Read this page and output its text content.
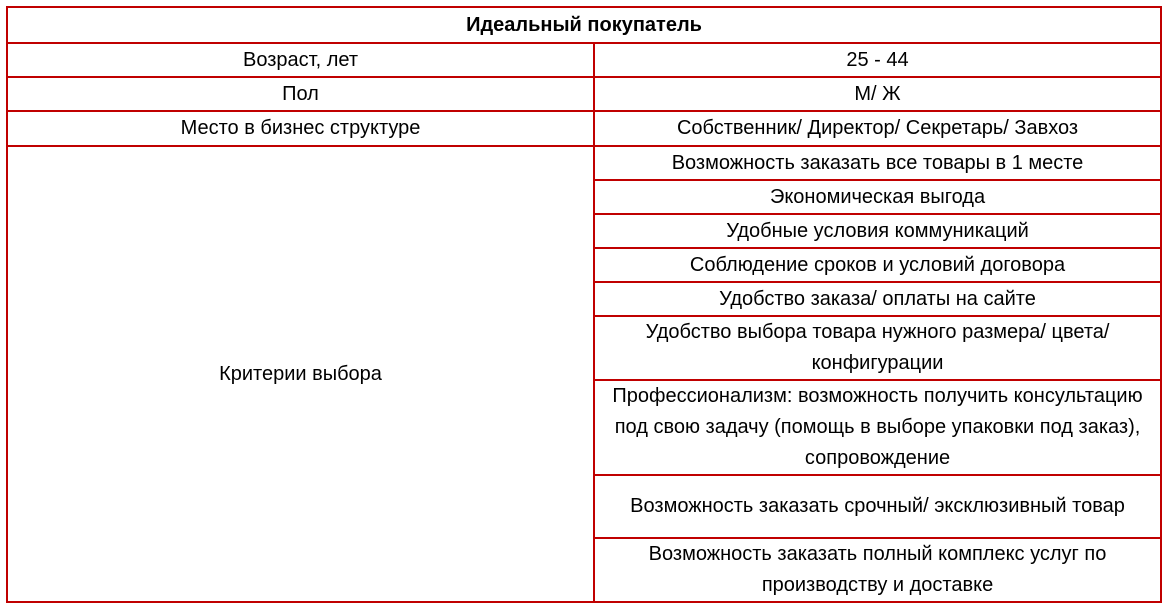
Идеальный покупатель	
Возраст, лет	25 - 44
Пол	М/ Ж
Место в бизнес структуре	Собственник/ Директор/ Секретарь/ Завхоз
Критерии выбора	Возможность заказать все товары в 1 месте
	Экономическая выгода
	Удобные условия коммуникаций
	Соблюдение сроков и условий договора
	Удобство заказа/ оплаты на сайте
	Удобство выбора товара нужного размера/ цвета/ конфигурации
	Профессионализм: возможность получить консультацию под свою задачу (помощь в выборе упаковки под заказ), сопровождение
	Возможность заказать срочный/ эксклюзивный товар
	Возможность заказать полный комплекс услуг по производству и доставке
